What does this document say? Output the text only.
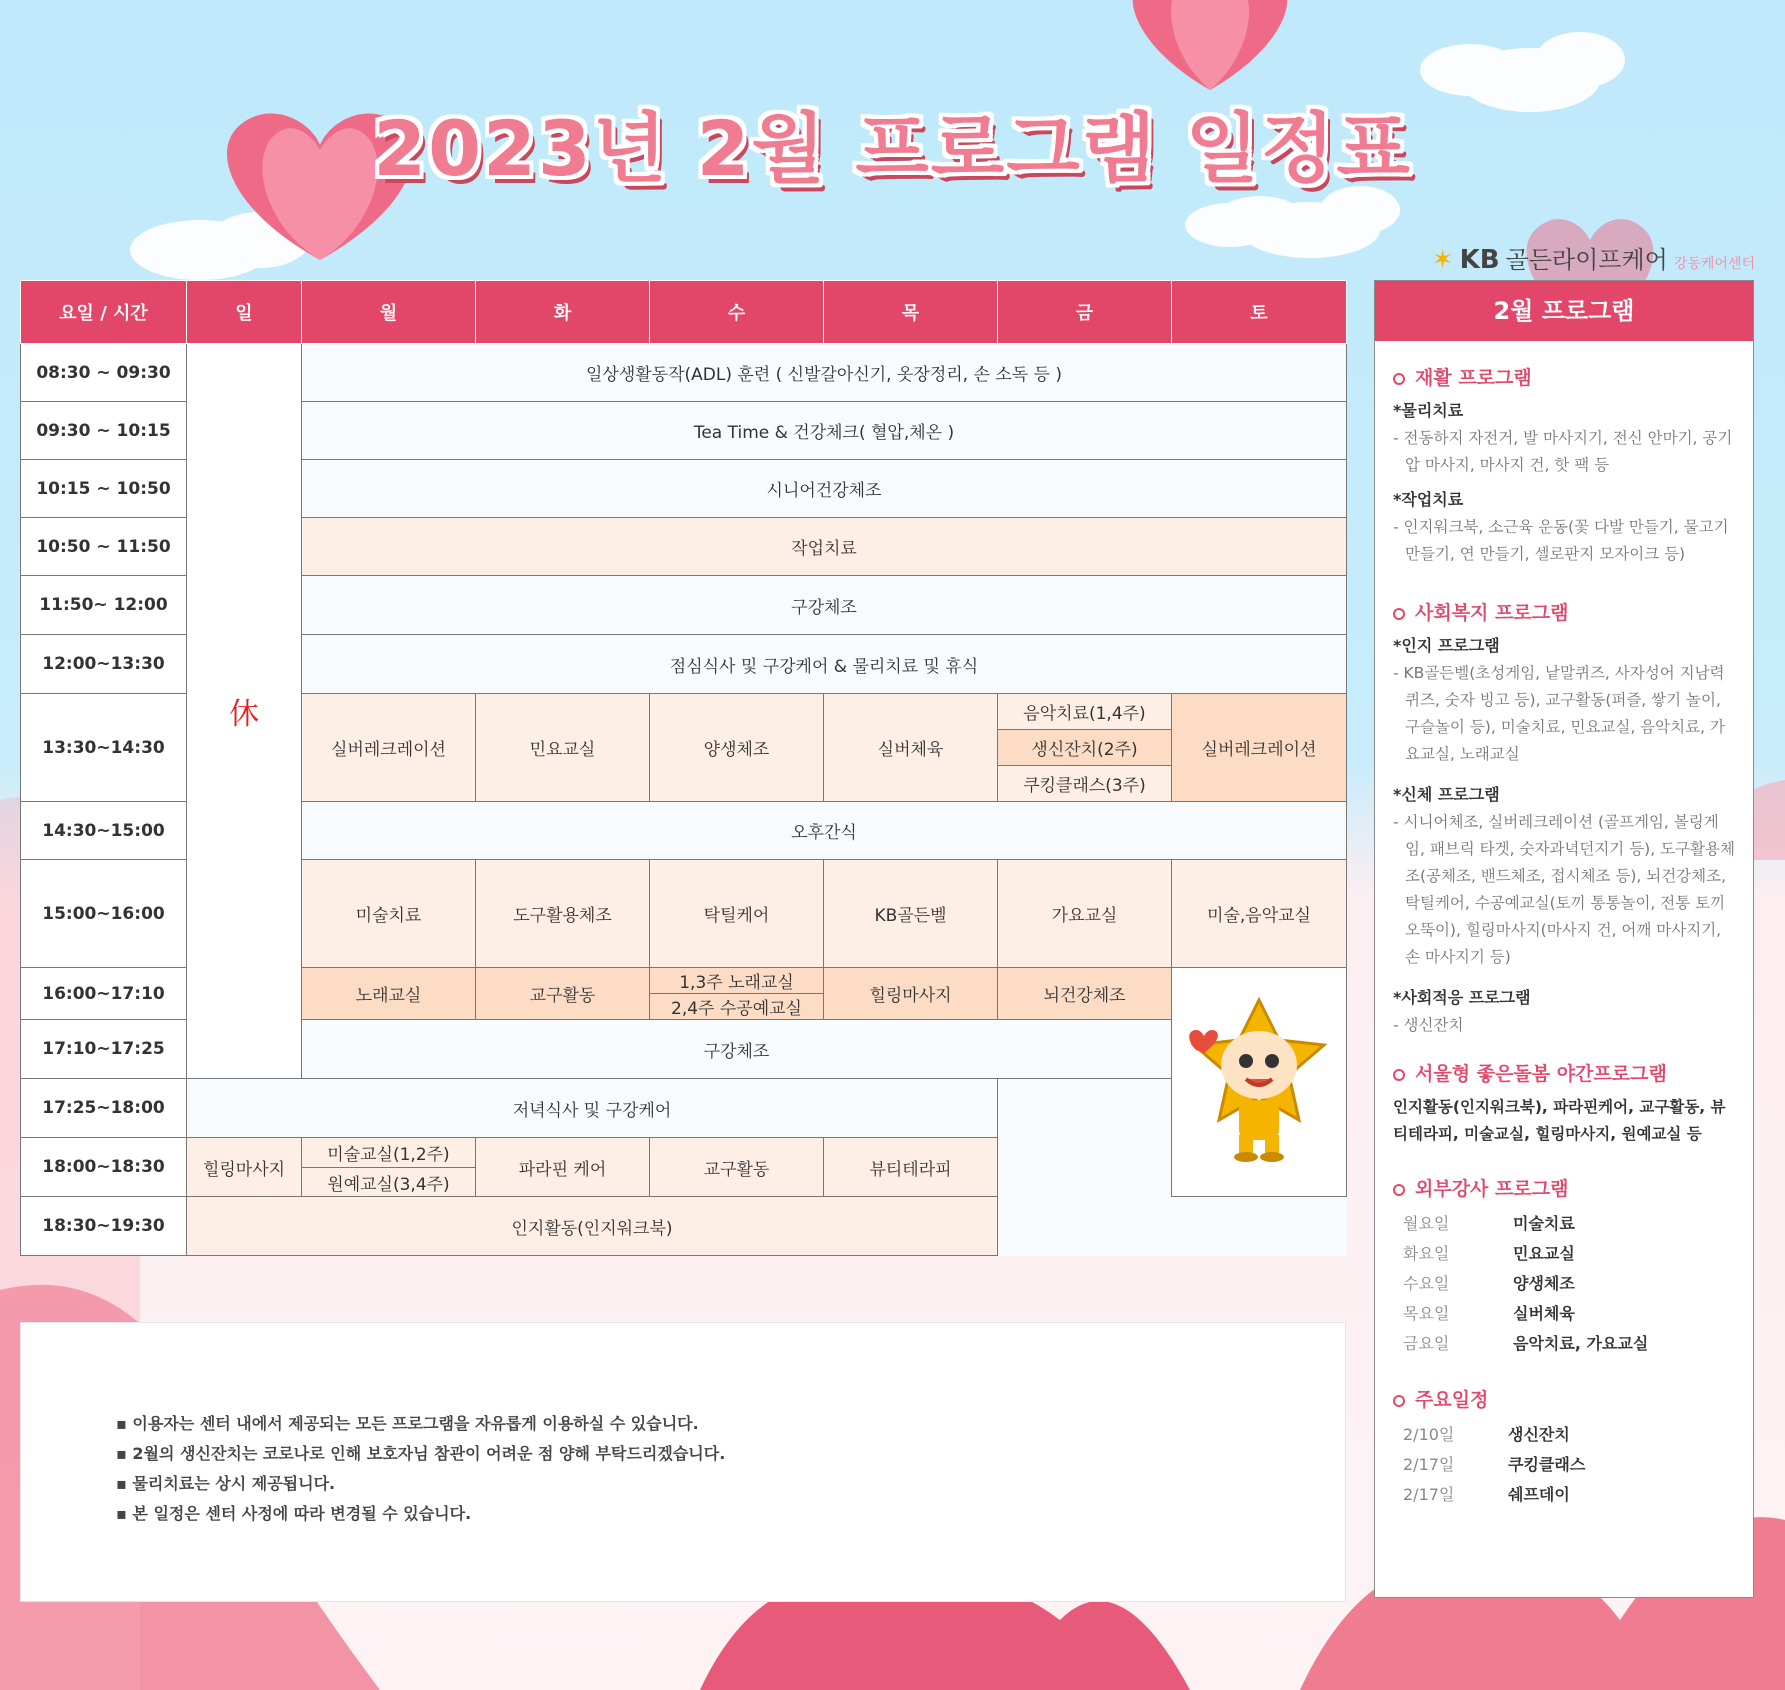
2023년 2월 프로그램 일정표
✶ KB 골든라이프케어 강동케어센터
요일 / 시간	일	월	화	수	목	금	토
08:30 ~ 09:30	休	일상생활동작(ADL) 훈련 ( 신발갈아신기, 옷장정리, 손 소독 등 )					
09:30 ~ 10:15		Tea Time & 건강체크( 혈압,체온 )					
10:15 ~ 10:50		시니어건강체조					
10:50 ~ 11:50		작업치료					
11:50~ 12:00		구강체조					
12:00~13:30		점심식사 및 구강케어 & 물리치료 및 휴식					
13:30~14:30		실버레크레이션	민요교실	양생체조	실버체육	음악치료(1,4주)	실버레크레이션
						생신잔치(2주)	
						쿠킹클래스(3주)	
14:30~15:00		오후간식					
15:00~16:00		미술치료	도구활용체조	탁틸케어	KB골든벨	가요교실	미술,음악교실
16:00~17:10		노래교실	교구활동	1,3주 노래교실	힐링마사지	뇌건강체조	
				2,4주 수공예교실			
17:10~17:25		구강체조					
17:25~18:00	저녁식사 및 구강케어						
18:00~18:30	힐링마사지	미술교실(1,2주)	파라핀 케어	교구활동	뷰티테라피		
		원예교실(3,4주)					
18:30~19:30	인지활동(인지워크북)						
▪ 이용자는 센터 내에서 제공되는 모든 프로그램을 자유롭게 이용하실 수 있습니다.
▪ 2월의 생신잔치는 코로나로 인해 보호자님 참관이 어려운 점 양해 부탁드리겠습니다.
▪ 물리치료는 상시 제공됩니다.
▪ 본 일정은 센터 사정에 따라 변경될 수 있습니다.
2월 프로그램
재활 프로그램
*물리치료
- 전동하지 자전거, 발 마사지기, 전신 안마기, 공기압 마사지, 마사지 건, 핫 팩 등
*작업치료
- 인지워크북, 소근육 운동(꽃 다발 만들기, 물고기 만들기, 연 만들기, 셀로판지 모자이크 등)
사회복지 프로그램
*인지 프로그램
- KB골든벨(초성게임, 낱말퀴즈, 사자성어 지남력 퀴즈, 숫자 빙고 등), 교구활동(퍼즐, 쌓기 놀이, 구슬놀이 등), 미술치료, 민요교실, 음악치료, 가요교실, 노래교실
*신체 프로그램
- 시니어체조, 실버레크레이션 (골프게임, 볼링게임, 패브릭 타겟, 숫자과녁던지기 등), 도구활용체조(공체조, 밴드체조, 접시체조 등), 뇌건강체조, 탁틸케어, 수공예교실(토끼 통통놀이, 전통 토끼 오뚝이), 힐링마사지(마사지 건, 어깨 마사지기, 손 마사지기 등)
*사회적응 프로그램
- 생신잔치
서울형 좋은돌봄 야간프로그램
인지활동(인지워크북), 파라핀케어, 교구활동, 뷰티테라피, 미술교실, 힐링마사지, 원예교실 등
외부강사 프로그램
월요일	미술치료
화요일	민요교실
수요일	양생체조
목요일	실버체육
금요일	음악치료, 가요교실
주요일정
2/10일	생신잔치
2/17일	쿠킹클래스
2/17일	쉐프데이
